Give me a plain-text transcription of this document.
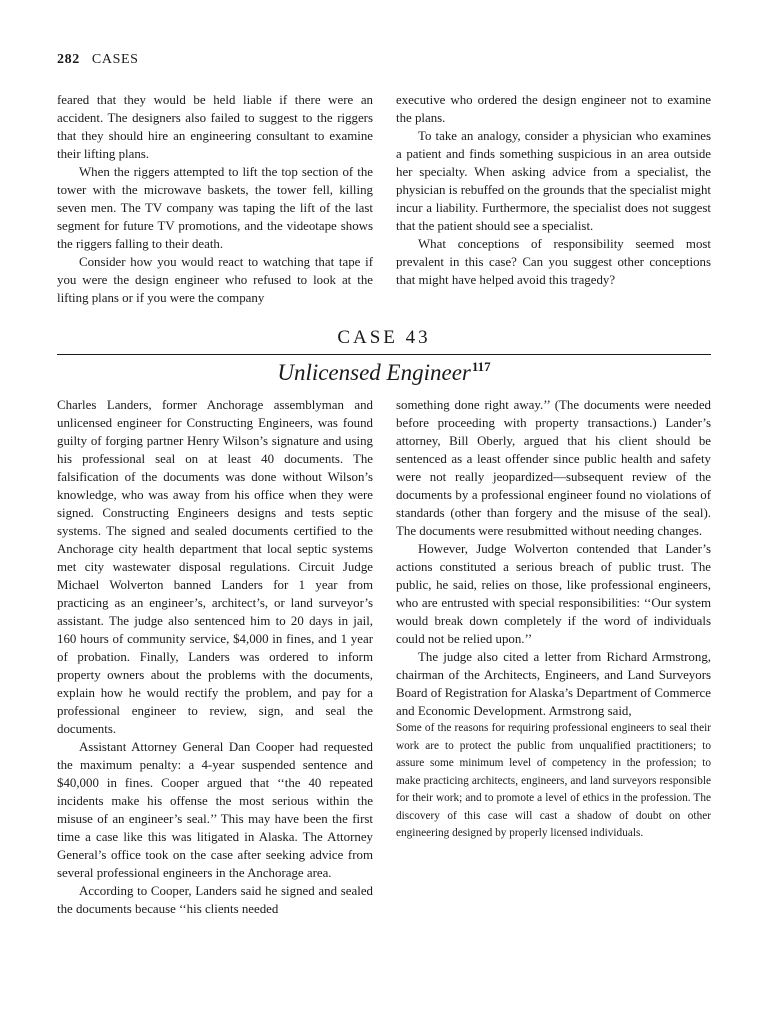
282 CASES

feared that they would be held liable if there were an accident. The designers also failed to suggest to the riggers that they should hire an engineering consultant to examine their lifting plans.

When the riggers attempted to lift the top section of the tower with the microwave baskets, the tower fell, killing seven men. The TV company was taping the lift of the last segment for future TV promotions, and the videotape shows the riggers falling to their death.

Consider how you would react to watching that tape if you were the design engineer who refused to look at the lifting plans or if you were the company

executive who ordered the design engineer not to examine the plans.

To take an analogy, consider a physician who examines a patient and finds something suspicious in an area outside her specialty. When asking advice from a specialist, the physician is rebuffed on the grounds that the specialist might incur a liability. Furthermore, the specialist does not suggest that the patient should see a specialist.

What conceptions of responsibility seemed most prevalent in this case? Can you suggest other conceptions that might have helped avoid this tragedy?

CASE 43
Unlicensed Engineer$^{117}$

Charles Landers, former Anchorage assemblyman and unlicensed engineer for Constructing Engineers, was found guilty of forging partner Henry Wilson’s signature and using his professional seal on at least 40 documents. The falsification of the documents was done without Wilson’s knowledge, who was away from his office when they were signed. Constructing Engineers designs and tests septic systems. The signed and sealed documents certified to the Anchorage city health department that local septic systems met city wastewater disposal regulations. Circuit Judge Michael Wolverton banned Landers for 1 year from practicing as an engineer’s, architect’s, or land surveyor’s assistant. The judge also sentenced him to 20 days in jail, 160 hours of community service, $4,000 in fines, and 1 year of probation. Finally, Landers was ordered to inform property owners about the problems with the documents, explain how he would rectify the problem, and pay for a professional engineer to review, sign, and seal the documents.

Assistant Attorney General Dan Cooper had requested the maximum penalty: a 4-year suspended sentence and $40,000 in fines. Cooper argued that ‘‘the 40 repeated incidents make his offense the most serious within the misuse of an engineer’s seal.’’ This may have been the first time a case like this was litigated in Alaska. The Attorney General’s office took on the case after seeking advice from several professional engineers in the Anchorage area.

According to Cooper, Landers said he signed and sealed the documents because ‘‘his clients needed

something done right away.’’ (The documents were needed before proceeding with property transactions.) Lander’s attorney, Bill Oberly, argued that his client should be sentenced as a least offender since public health and safety were not really jeopardized—subsequent review of the documents by a professional engineer found no violations of standards (other than forgery and the misuse of the seal). The documents were resubmitted without needing changes.

However, Judge Wolverton contended that Lander’s actions constituted a serious breach of public trust. The public, he said, relies on those, like professional engineers, who are entrusted with special responsibilities: ‘‘Our system would break down completely if the word of individuals could not be relied upon.’’

The judge also cited a letter from Richard Armstrong, chairman of the Architects, Engineers, and Land Surveyors Board of Registration for Alaska’s Department of Commerce and Economic Development. Armstrong said,

Some of the reasons for requiring professional engineers to seal their work are to protect the public from unqualified practitioners; to assure some minimum level of competency in the profession; to make practicing architects, engineers, and land surveyors responsible for their work; and to promote a level of ethics in the profession. The discovery of this case will cast a shadow of doubt on other engineering designed by properly licensed individuals.
